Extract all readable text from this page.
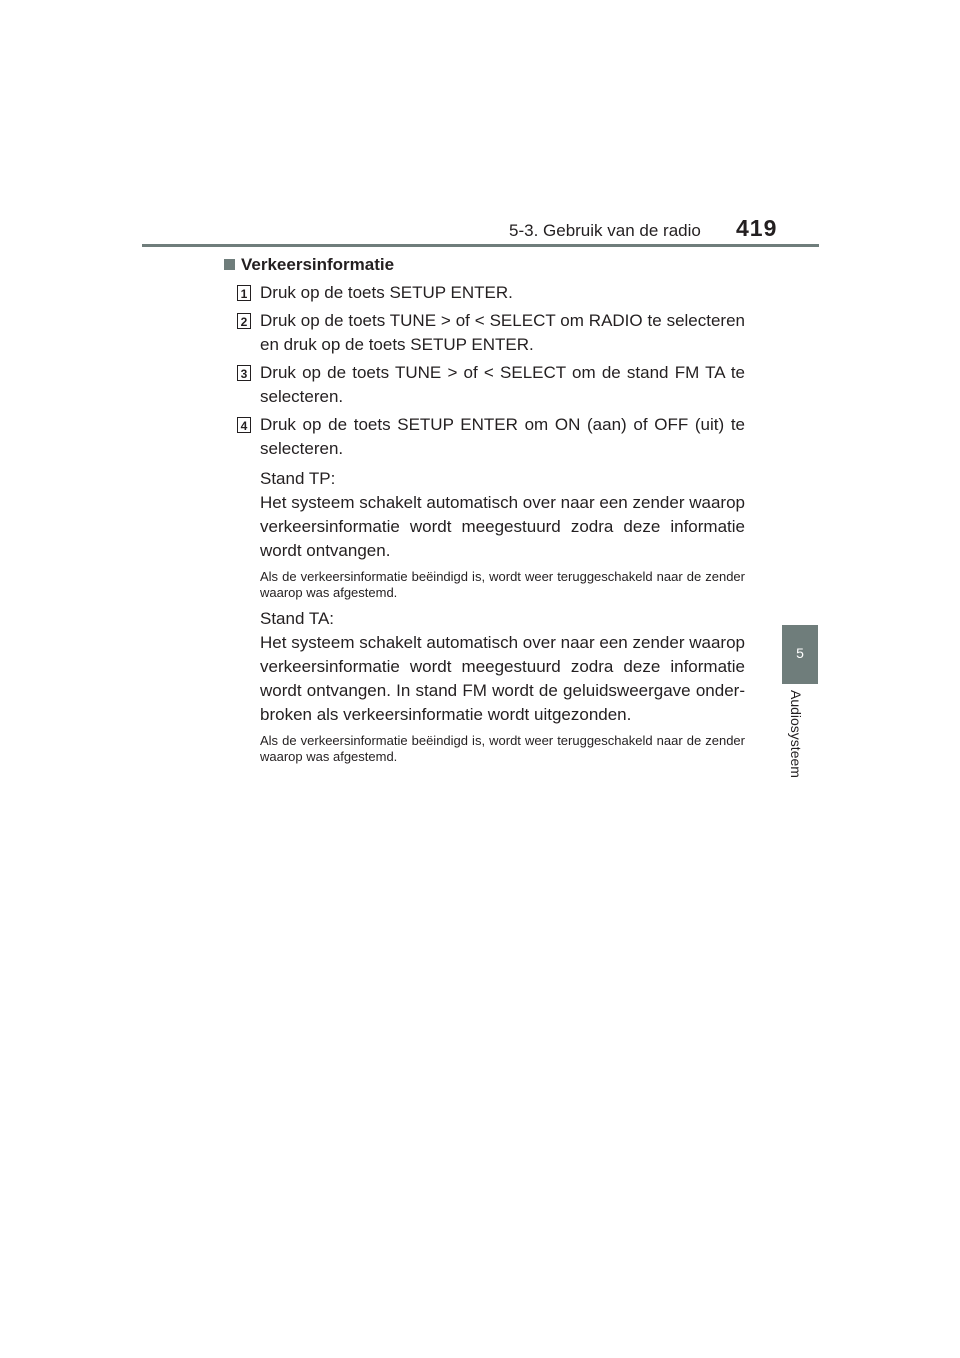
5-3. Gebruik van de radio 419
5
Audiosysteem
Verkeersinformatie
1 Druk op de toets SETUP ENTER.
2 Druk op de toets TUNE > of < SELECT om RADIO te selecteren en druk op de toets SETUP ENTER.
3 Druk op de toets TUNE > of < SELECT om de stand FM TA te selecteren.
4 Druk op de toets SETUP ENTER om ON (aan) of OFF (uit) te selecteren.
Stand TP:
Het systeem schakelt automatisch over naar een zender waarop verkeersinformatie wordt meegestuurd zodra deze informatie wordt ontvangen.
Als de verkeersinformatie beëindigd is, wordt weer teruggeschakeld naar de zender waarop was afgestemd.
Stand TA:
Het systeem schakelt automatisch over naar een zender waarop verkeersinformatie wordt meegestuurd zodra deze informatie wordt ontvangen. In stand FM wordt de geluidsweergave onder-broken als verkeersinformatie wordt uitgezonden.
Als de verkeersinformatie beëindigd is, wordt weer teruggeschakeld naar de zender waarop was afgestemd.
